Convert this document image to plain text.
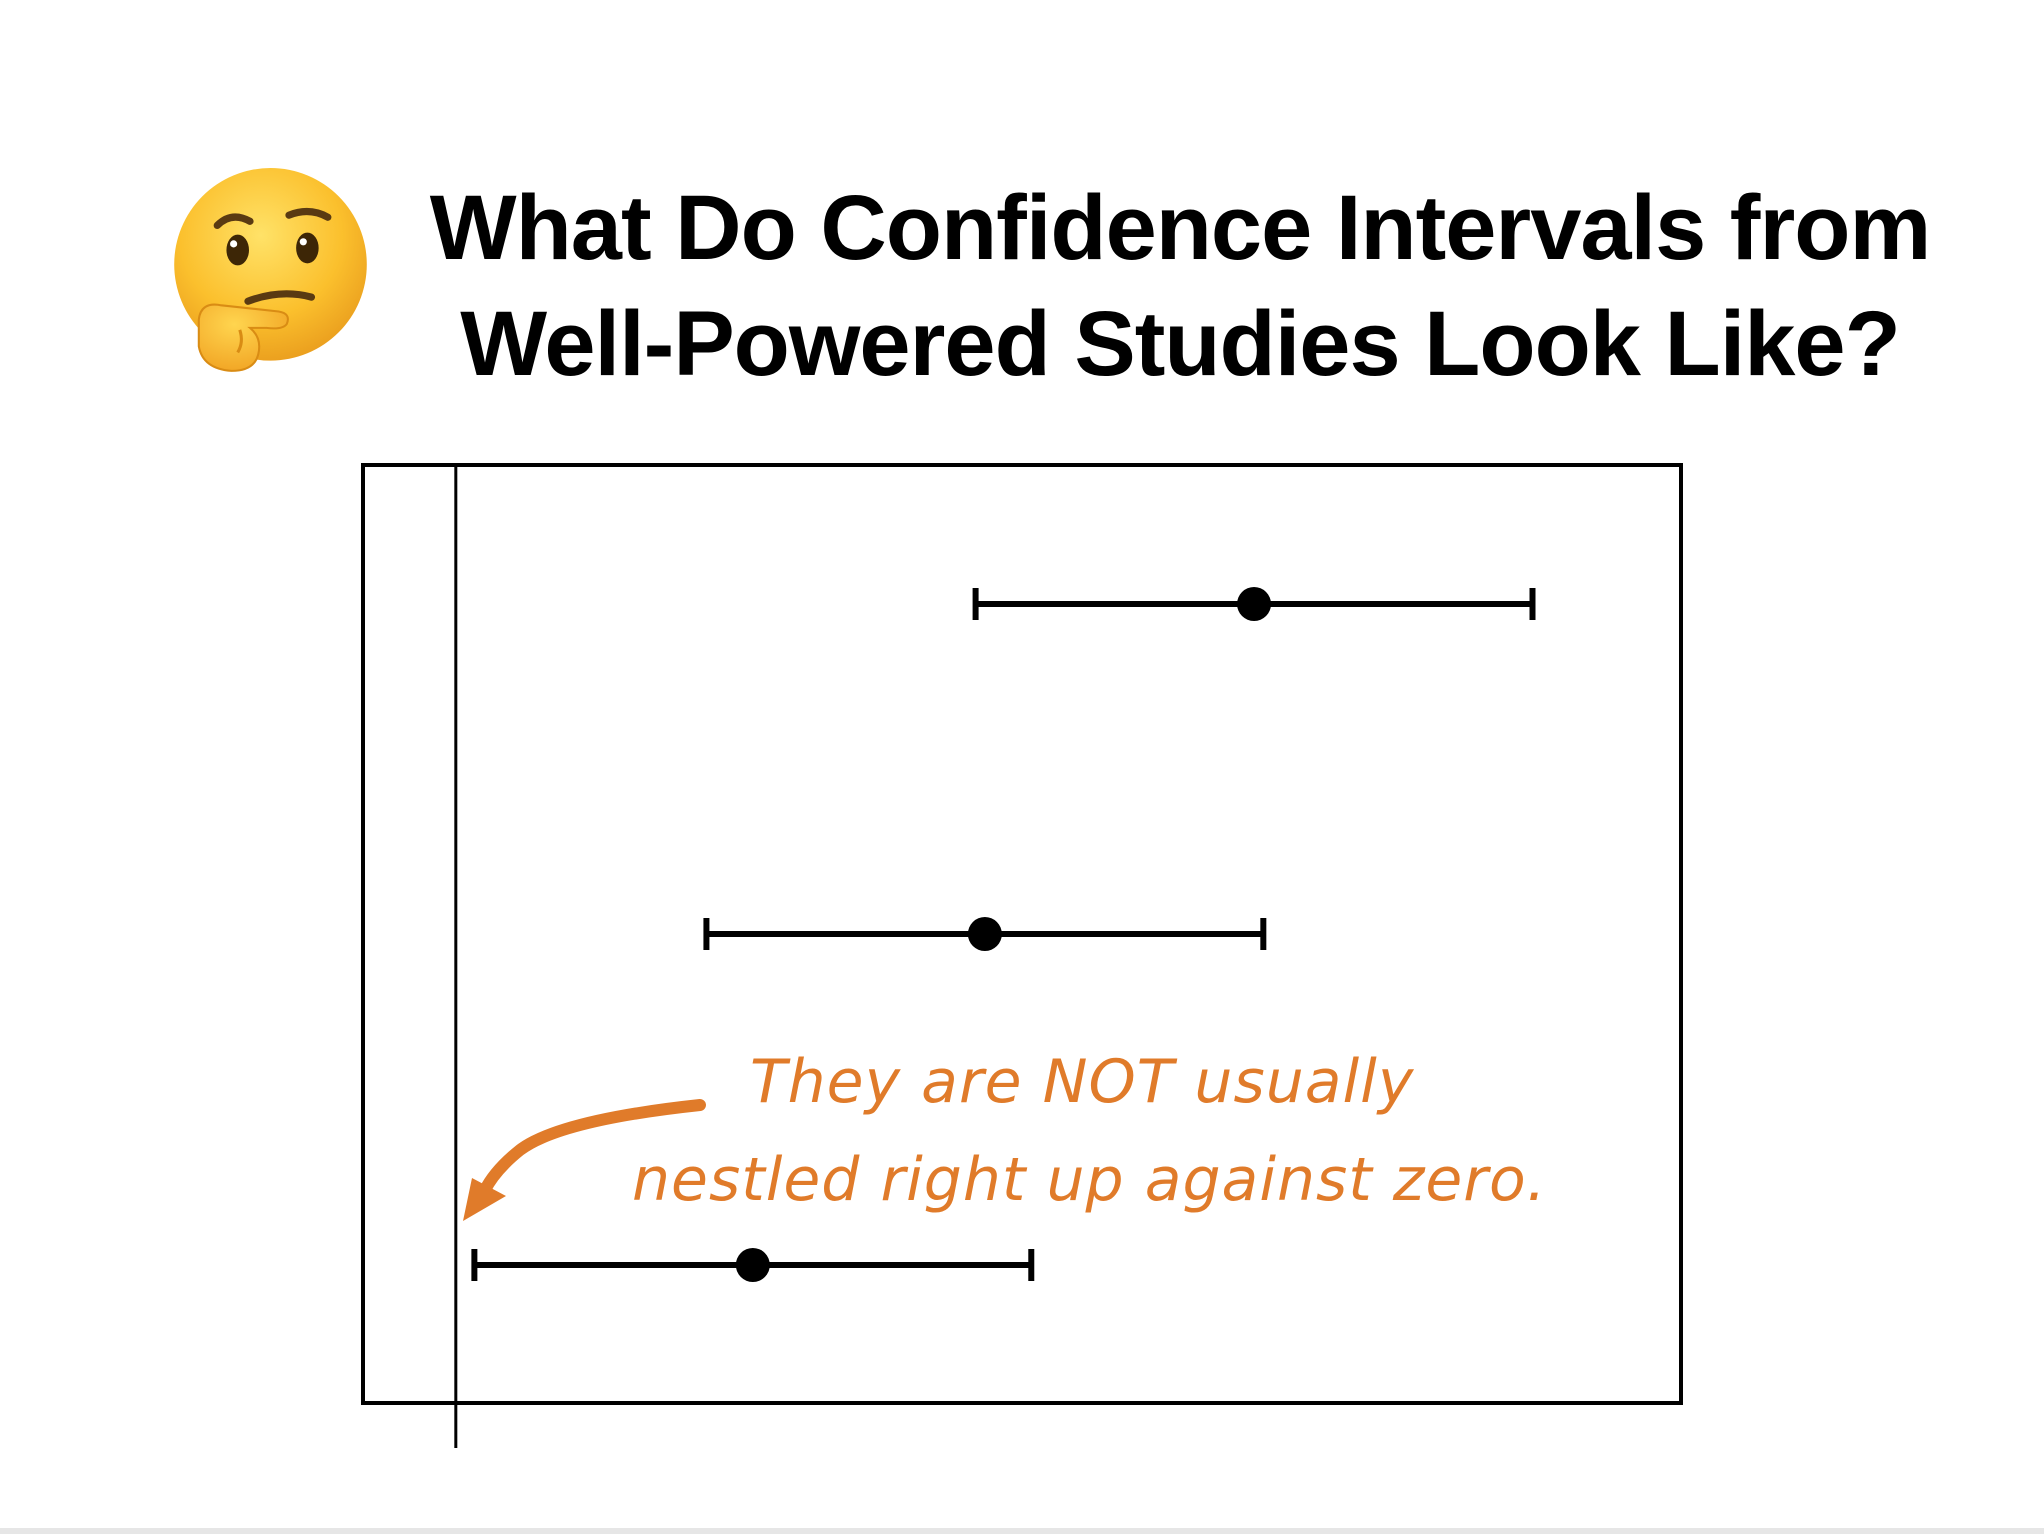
What Do Confidence Intervals from
Well-Powered Studies Look Like?
They are NOT usually
nestled right up against zero.
